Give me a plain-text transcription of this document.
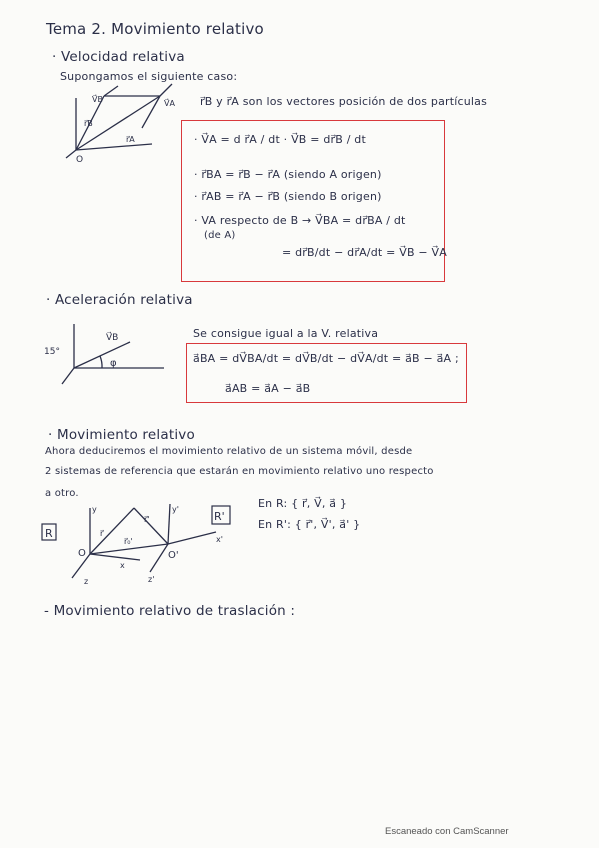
Tema 2. Movimiento relativo
· Velocidad relativa
Supongamos el siguiente caso:
V⃗B
r⃗B
r⃗A
V⃗A
O
r⃗B y r⃗A son los vectores posición de dos partículas
· V⃗A = d r⃗A / dt · V⃗B = dr⃗B / dt
· r⃗BA = r⃗B − r⃗A (siendo A origen)
· r⃗AB = r⃗A − r⃗B (siendo B origen)
· VA respecto de B → V⃗BA = dr⃗BA / dt
(de A)
= dr⃗B/dt − dr⃗A/dt = V⃗B − V⃗A
· Aceleración relativa
V⃗B
φ
15°
Se consigue igual a la V. relativa
a⃗BA = dV⃗BA/dt = dV⃗B/dt − dV⃗A/dt = a⃗B − a⃗A ;
a⃗AB = a⃗A − a⃗B
· Movimiento relativo
Ahora deduciremos el movimiento relativo de un sistema móvil, desde
2 sistemas de referencia que estarán en movimiento relativo uno respecto
a otro.
R
R'
O	O'
y
x
z
y'
x'
z'
r⃗
r⃗'
r⃗₀'
En R: { r⃗, V⃗, a⃗ }
En R': { r⃗', V⃗', a⃗' }
- Movimiento relativo de traslación :
Escaneado con CamScanner
